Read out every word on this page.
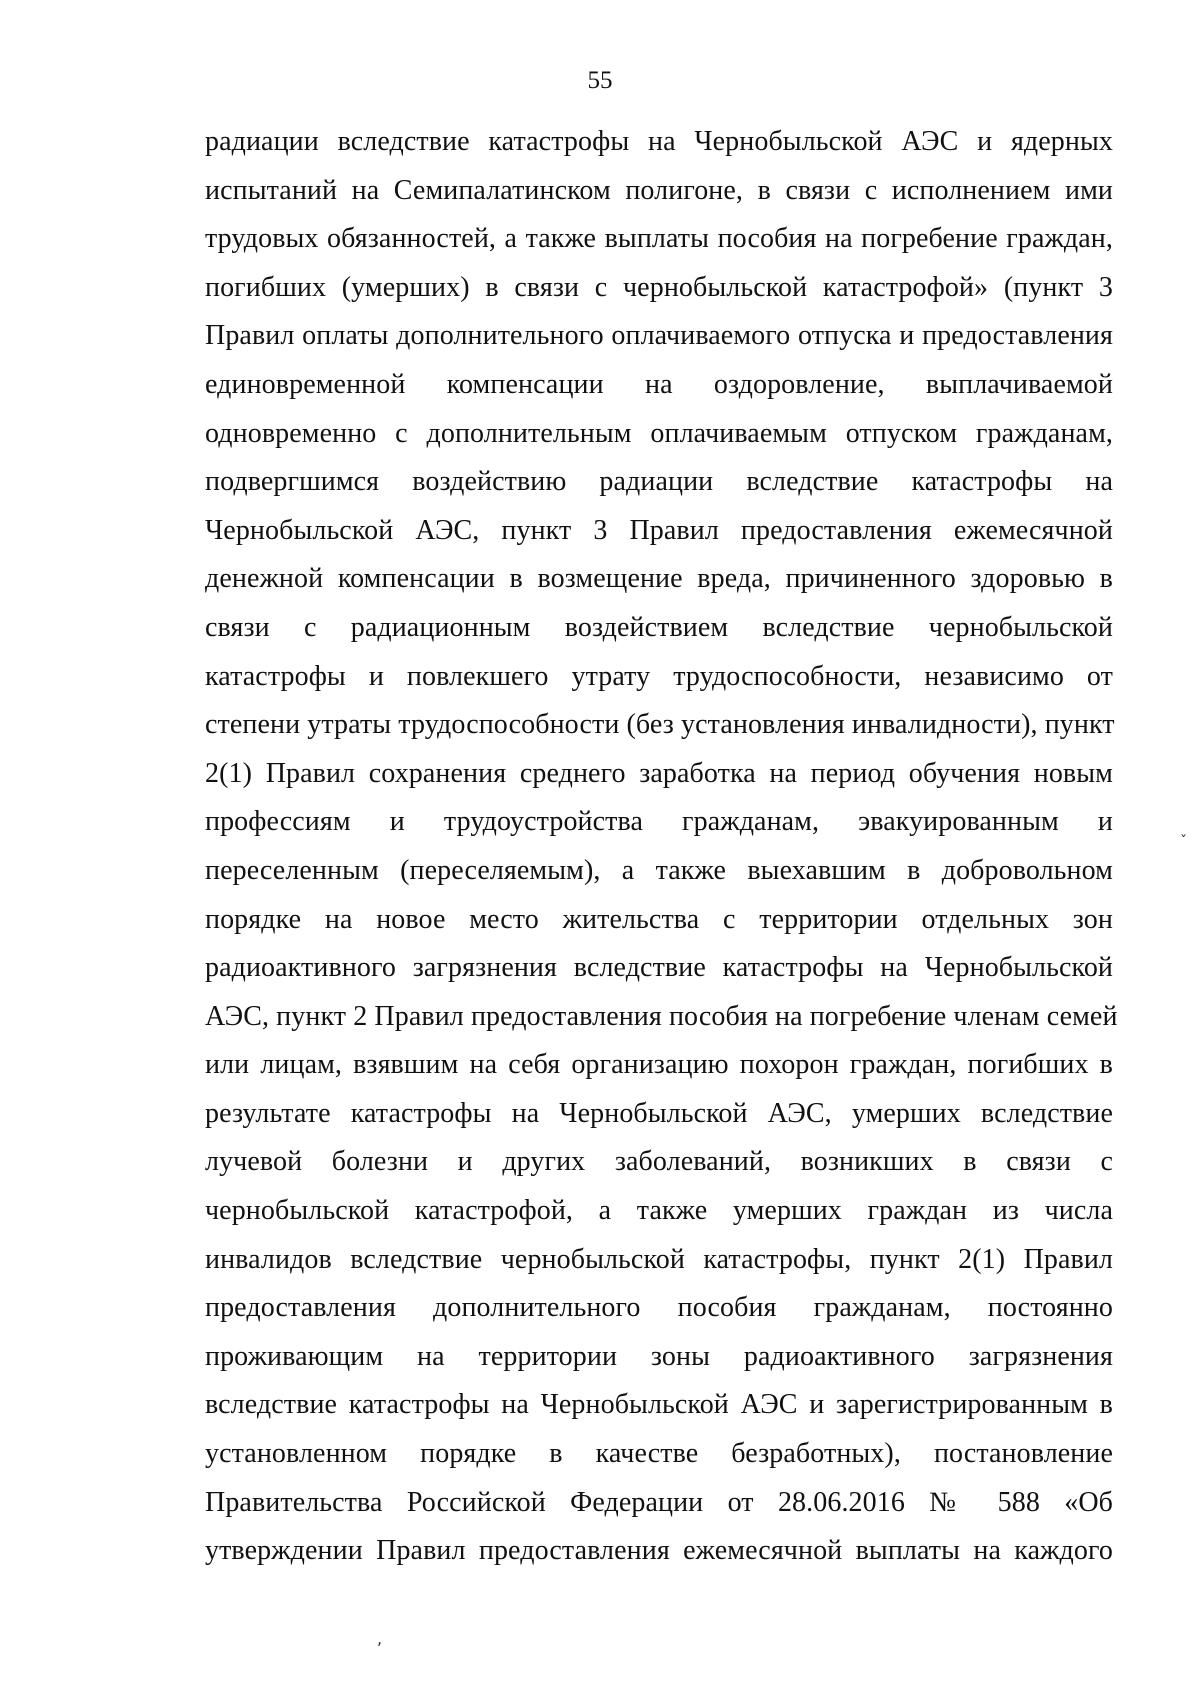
55
радиации вследствие катастрофы на Чернобыльской АЭС и ядерных
испытаний на Семипалатинском полигоне, в связи с исполнением ими
трудовых обязанностей, а также выплаты пособия на погребение граждан,
погибших (умерших) в связи с чернобыльской катастрофой» (пункт 3
Правил оплаты дополнительного оплачиваемого отпуска и предоставления
единовременной компенсации на оздоровление, выплачиваемой
одновременно с дополнительным оплачиваемым отпуском гражданам,
подвергшимся воздействию радиации вследствие катастрофы на
Чернобыльской АЭС, пункт 3 Правил предоставления ежемесячной
денежной компенсации в возмещение вреда, причиненного здоровью в
связи с радиационным воздействием вследствие чернобыльской
катастрофы и повлекшего утрату трудоспособности, независимо от
степени утраты трудоспособности (без установления инвалидности), пункт
2(1) Правил сохранения среднего заработка на период обучения новым
профессиям и трудоустройства гражданам, эвакуированным и
переселенным (переселяемым), а также выехавшим в добровольном
порядке на новое место жительства с территории отдельных зон
радиоактивного загрязнения вследствие катастрофы на Чернобыльской
АЭС, пункт 2 Правил предоставления пособия на погребение членам семей
или лицам, взявшим на себя организацию похорон граждан, погибших в
результате катастрофы на Чернобыльской АЭС, умерших вследствие
лучевой болезни и других заболеваний, возникших в связи с
чернобыльской катастрофой, а также умерших граждан из числа
инвалидов вследствие чернобыльской катастрофы, пункт 2(1) Правил
предоставления дополнительного пособия гражданам, постоянно
проживающим на территории зоны радиоактивного загрязнения
вследствие катастрофы на Чернобыльской АЭС и зарегистрированным в
установленном порядке в качестве безработных), постановление
Правительства Российской Федерации от 28.06.2016 № 588 «Об
утверждении Правил предоставления ежемесячной выплаты на каждого
ˇ
,
